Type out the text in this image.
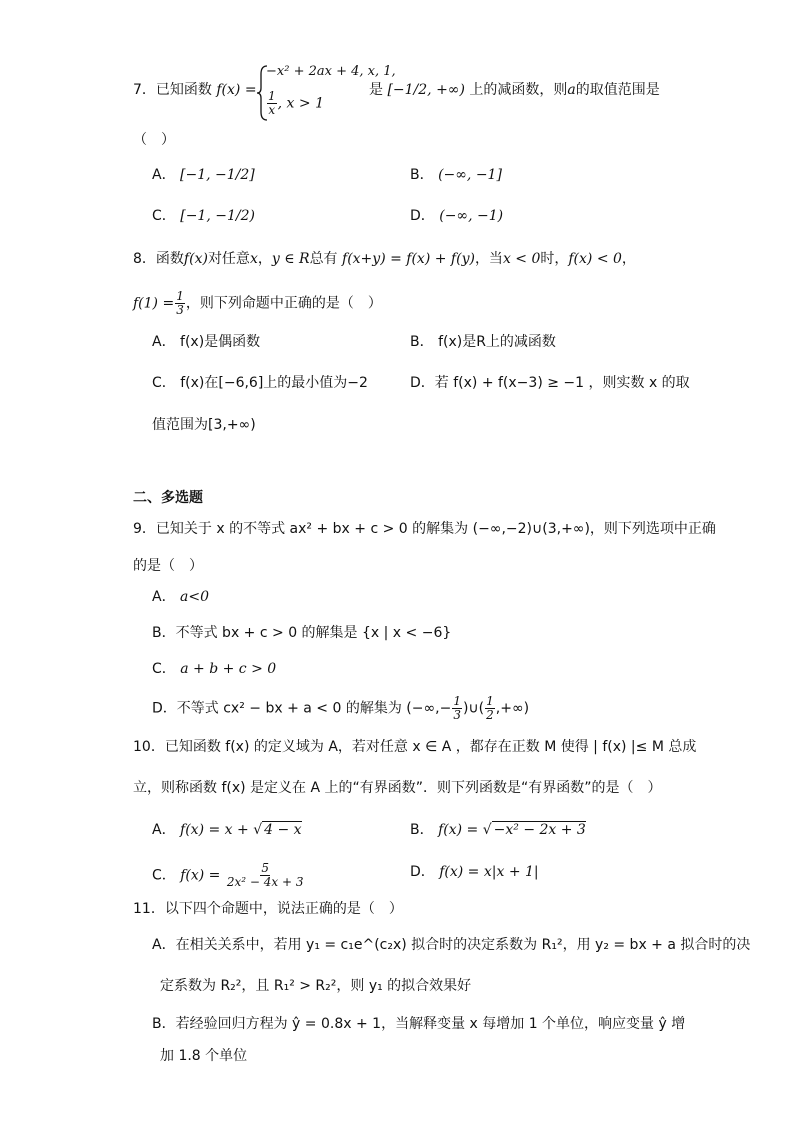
7．已知函数 f(x) =
−x² + 2ax + 4, x, 1,
$\frac{1}{x}$ , x > 1
是 [−1/2, +∞) 上的减函数，则a的取值范围是
（　）
A． [−1, −1/2]	B． (−∞, −1]
C． [−1, −1/2)	D． (−∞, −1)
8．函数f(x)对任意x，y ∈ R总有 f(x+y) = f(x) + f(y)，当x < 0时，f(x) < 0，
$f(1) = \frac{1}{3}$ ，则下列命题中正确的是（　）
A． f(x)是偶函数	B． f(x)是R上的减函数
C． f(x)在[−6,6]上的最小值为−2	D．若 f(x) + f(x−3) ≥ −1 ，则实数 x 的取
值范围为[3,+∞)
二、多选题
9．已知关于 x 的不等式 ax² + bx + c > 0 的解集为 (−∞,−2)∪(3,+∞)，则下列选项中正确
的是（　）
A． a<0
B．不等式 bx + c > 0 的解集是 {x | x < −6}
C． a + b + c > 0
D．不等式 cx² − bx + a < 0 的解集为 (−∞,− $\frac{1}{3}$ )∪( $\frac{1}{2}$ ,+∞)
10．已知函数 f(x) 的定义域为 A，若对任意 x ∈ A ，都存在正数 M 使得 | f(x) |≤ M 总成
立，则称函数 f(x) 是定义在 A 上的“有界函数”．则下列函数是“有界函数”的是（　）
A． f(x) = x + √ 4 − x	B． f(x) = √ −x² − 2x + 3
C． $f(x) = \frac{5}{\text{2x² − 4x + 3}}$	D． f(x) = x|x + 1|
11．以下四个命题中，说法正确的是（　）
A．在相关关系中，若用 y₁ = c₁e^(c₂x) 拟合时的决定系数为 R₁²，用 y₂ = bx + a 拟合时的决
定系数为 R₂²，且 R₁² > R₂²，则 y₁ 的拟合效果好
B．若经验回归方程为 ŷ = 0.8x + 1，当解释变量 x 每增加 1 个单位，响应变量 ŷ 增
加 1.8 个单位
